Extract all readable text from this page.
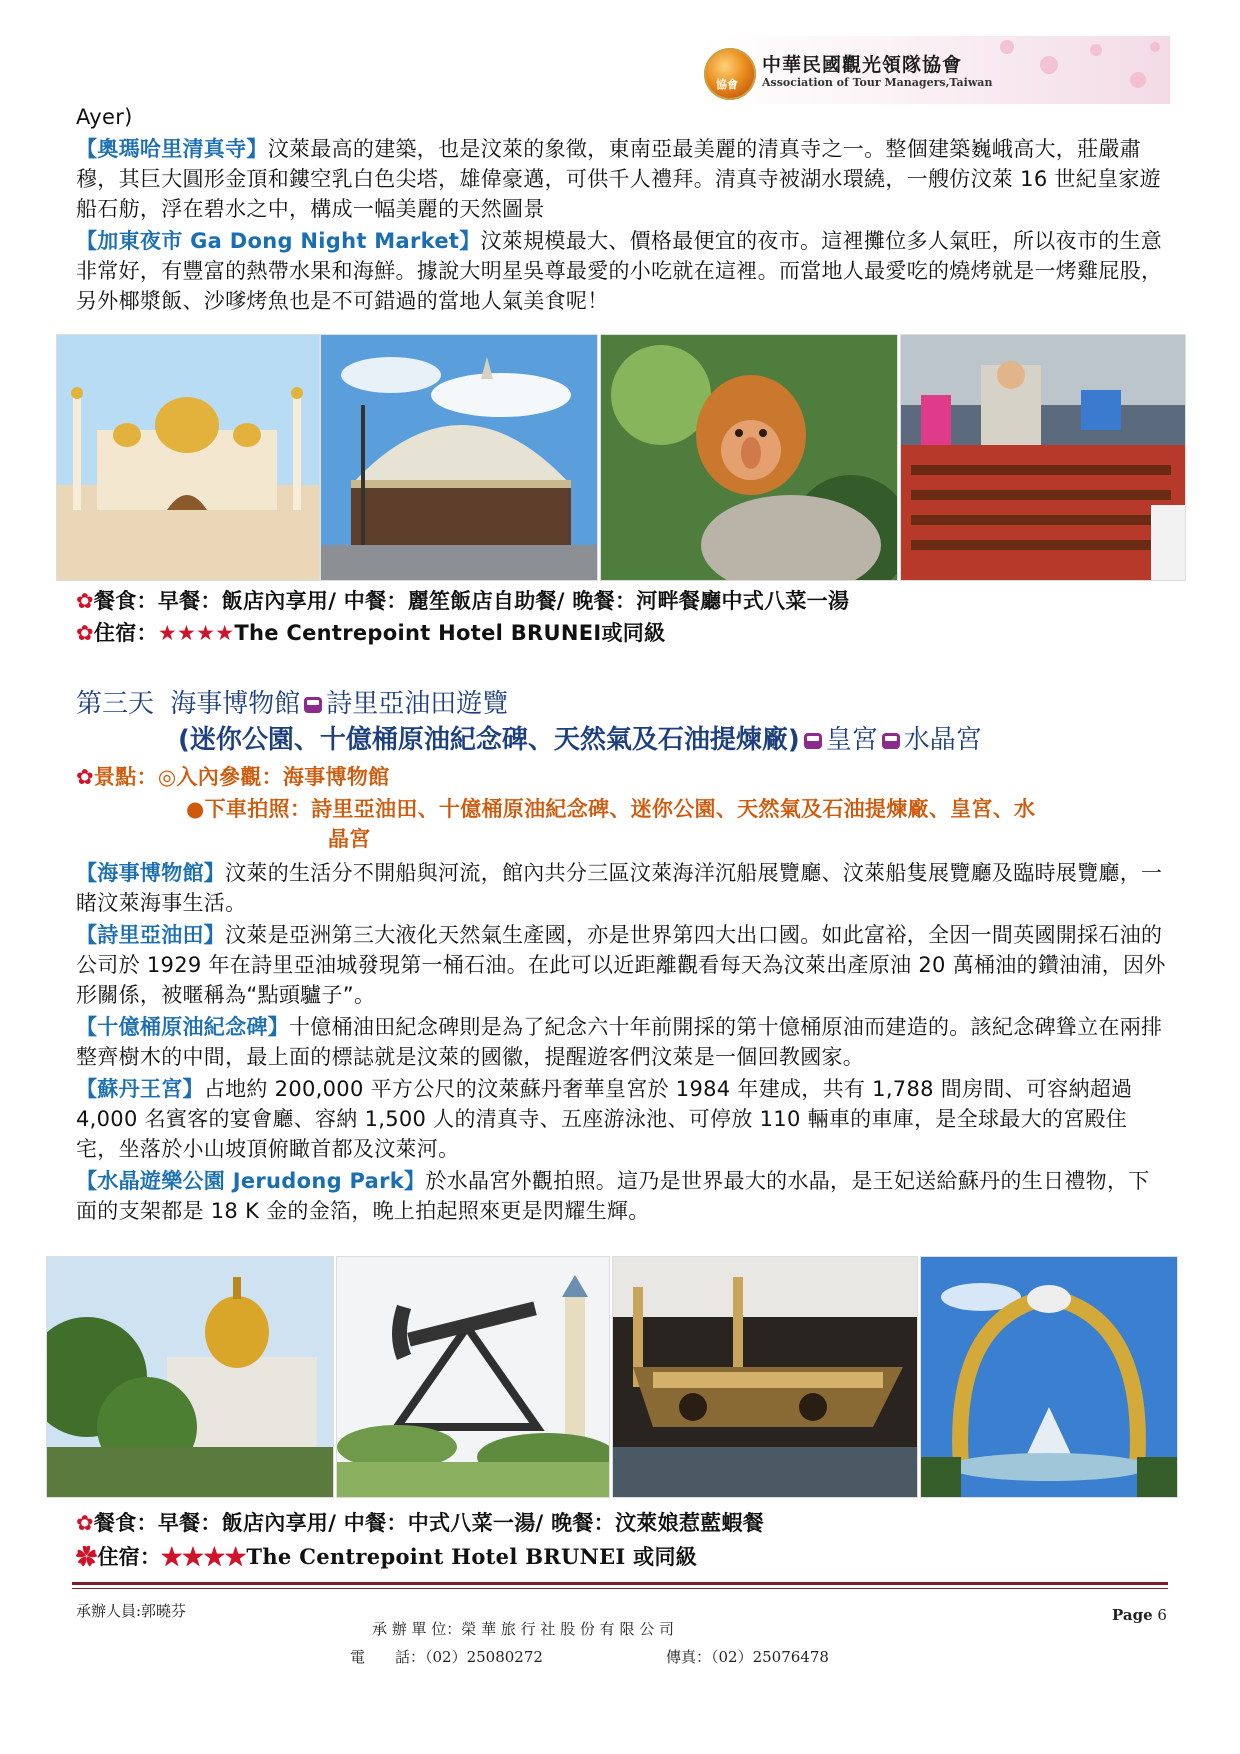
協會
中華民國觀光領隊協會
Association of Tour Managers,Taiwan
Ayer)
【奧瑪哈里清真寺】汶萊最高的建築，也是汶萊的象徵，東南亞最美麗的清真寺之一。整個建築巍峨高大，莊嚴肅穆，其巨大圓形金頂和鏤空乳白色尖塔，雄偉豪邁，可供千人禮拜。清真寺被湖水環繞，一艘仿汶萊 16 世紀皇家遊船石舫，浮在碧水之中，構成一幅美麗的天然圖景
【加東夜市 Ga Dong Night Market】汶萊規模最大、價格最便宜的夜市。這裡攤位多人氣旺，所以夜市的生意非常好，有豐富的熱帶水果和海鮮。據說大明星吳尊最愛的小吃就在這裡。而當地人最愛吃的燒烤就是一烤雞屁股，另外椰漿飯、沙嗲烤魚也是不可錯過的當地人氣美食呢！
✿餐食：早餐：飯店內享用/ 中餐：麗笙飯店自助餐/ 晚餐：河畔餐廳中式八菜一湯
✿住宿：★★★★The Centrepoint Hotel BRUNEI或同級
第三天 海事博物館 詩里亞油田遊覽
(迷你公園、十億桶原油紀念碑、天然氣及石油提煉廠) 皇宮 水晶宮
✿景點：◎入內參觀：海事博物館
●下車拍照：詩里亞油田、十億桶原油紀念碑、迷你公園、天然氣及石油提煉廠、皇宮、水
晶宮
【海事博物館】汶萊的生活分不開船與河流，館內共分三區汶萊海洋沉船展覽廳、汶萊船隻展覽廳及臨時展覽廳，一睹汶萊海事生活。
【詩里亞油田】汶萊是亞洲第三大液化天然氣生產國，亦是世界第四大出口國。如此富裕，全因一間英國開採石油的公司於 1929 年在詩里亞油城發現第一桶石油。在此可以近距離觀看每天為汶萊出產原油 20 萬桶油的鑽油浦，因外形關係，被暱稱為“點頭驢子”。
【十億桶原油紀念碑】十億桶油田紀念碑則是為了紀念六十年前開採的第十億桶原油而建造的。該紀念碑聳立在兩排整齊樹木的中間，最上面的標誌就是汶萊的國徽，提醒遊客們汶萊是一個回教國家。
【蘇丹王宮】占地約 200,000 平方公尺的汶萊蘇丹奢華皇宮於 1984 年建成，共有 1,788 間房間、可容納超過 4,000 名賓客的宴會廳、容納 1,500 人的清真寺、五座游泳池、可停放 110 輛車的車庫，是全球最大的宮殿住宅，坐落於小山坡頂俯瞰首都及汶萊河。
【水晶遊樂公園 Jerudong Park】於水晶宮外觀拍照。這乃是世界最大的水晶，是王妃送給蘇丹的生日禮物，下面的支架都是 18 K 金的金箔，晚上拍起照來更是閃耀生輝。
✿餐食：早餐：飯店內享用/ 中餐：中式八菜一湯/ 晚餐：汶萊娘惹藍蝦餐
✿住宿：★★★★The Centrepoint Hotel BRUNEI 或同級
承辦人員:郭曉芬
承 辦 單 位：榮 華 旅 行 社 股 份 有 限 公 司
電　　話：（02）25080272	傳真：（02）25076478
Page 6
